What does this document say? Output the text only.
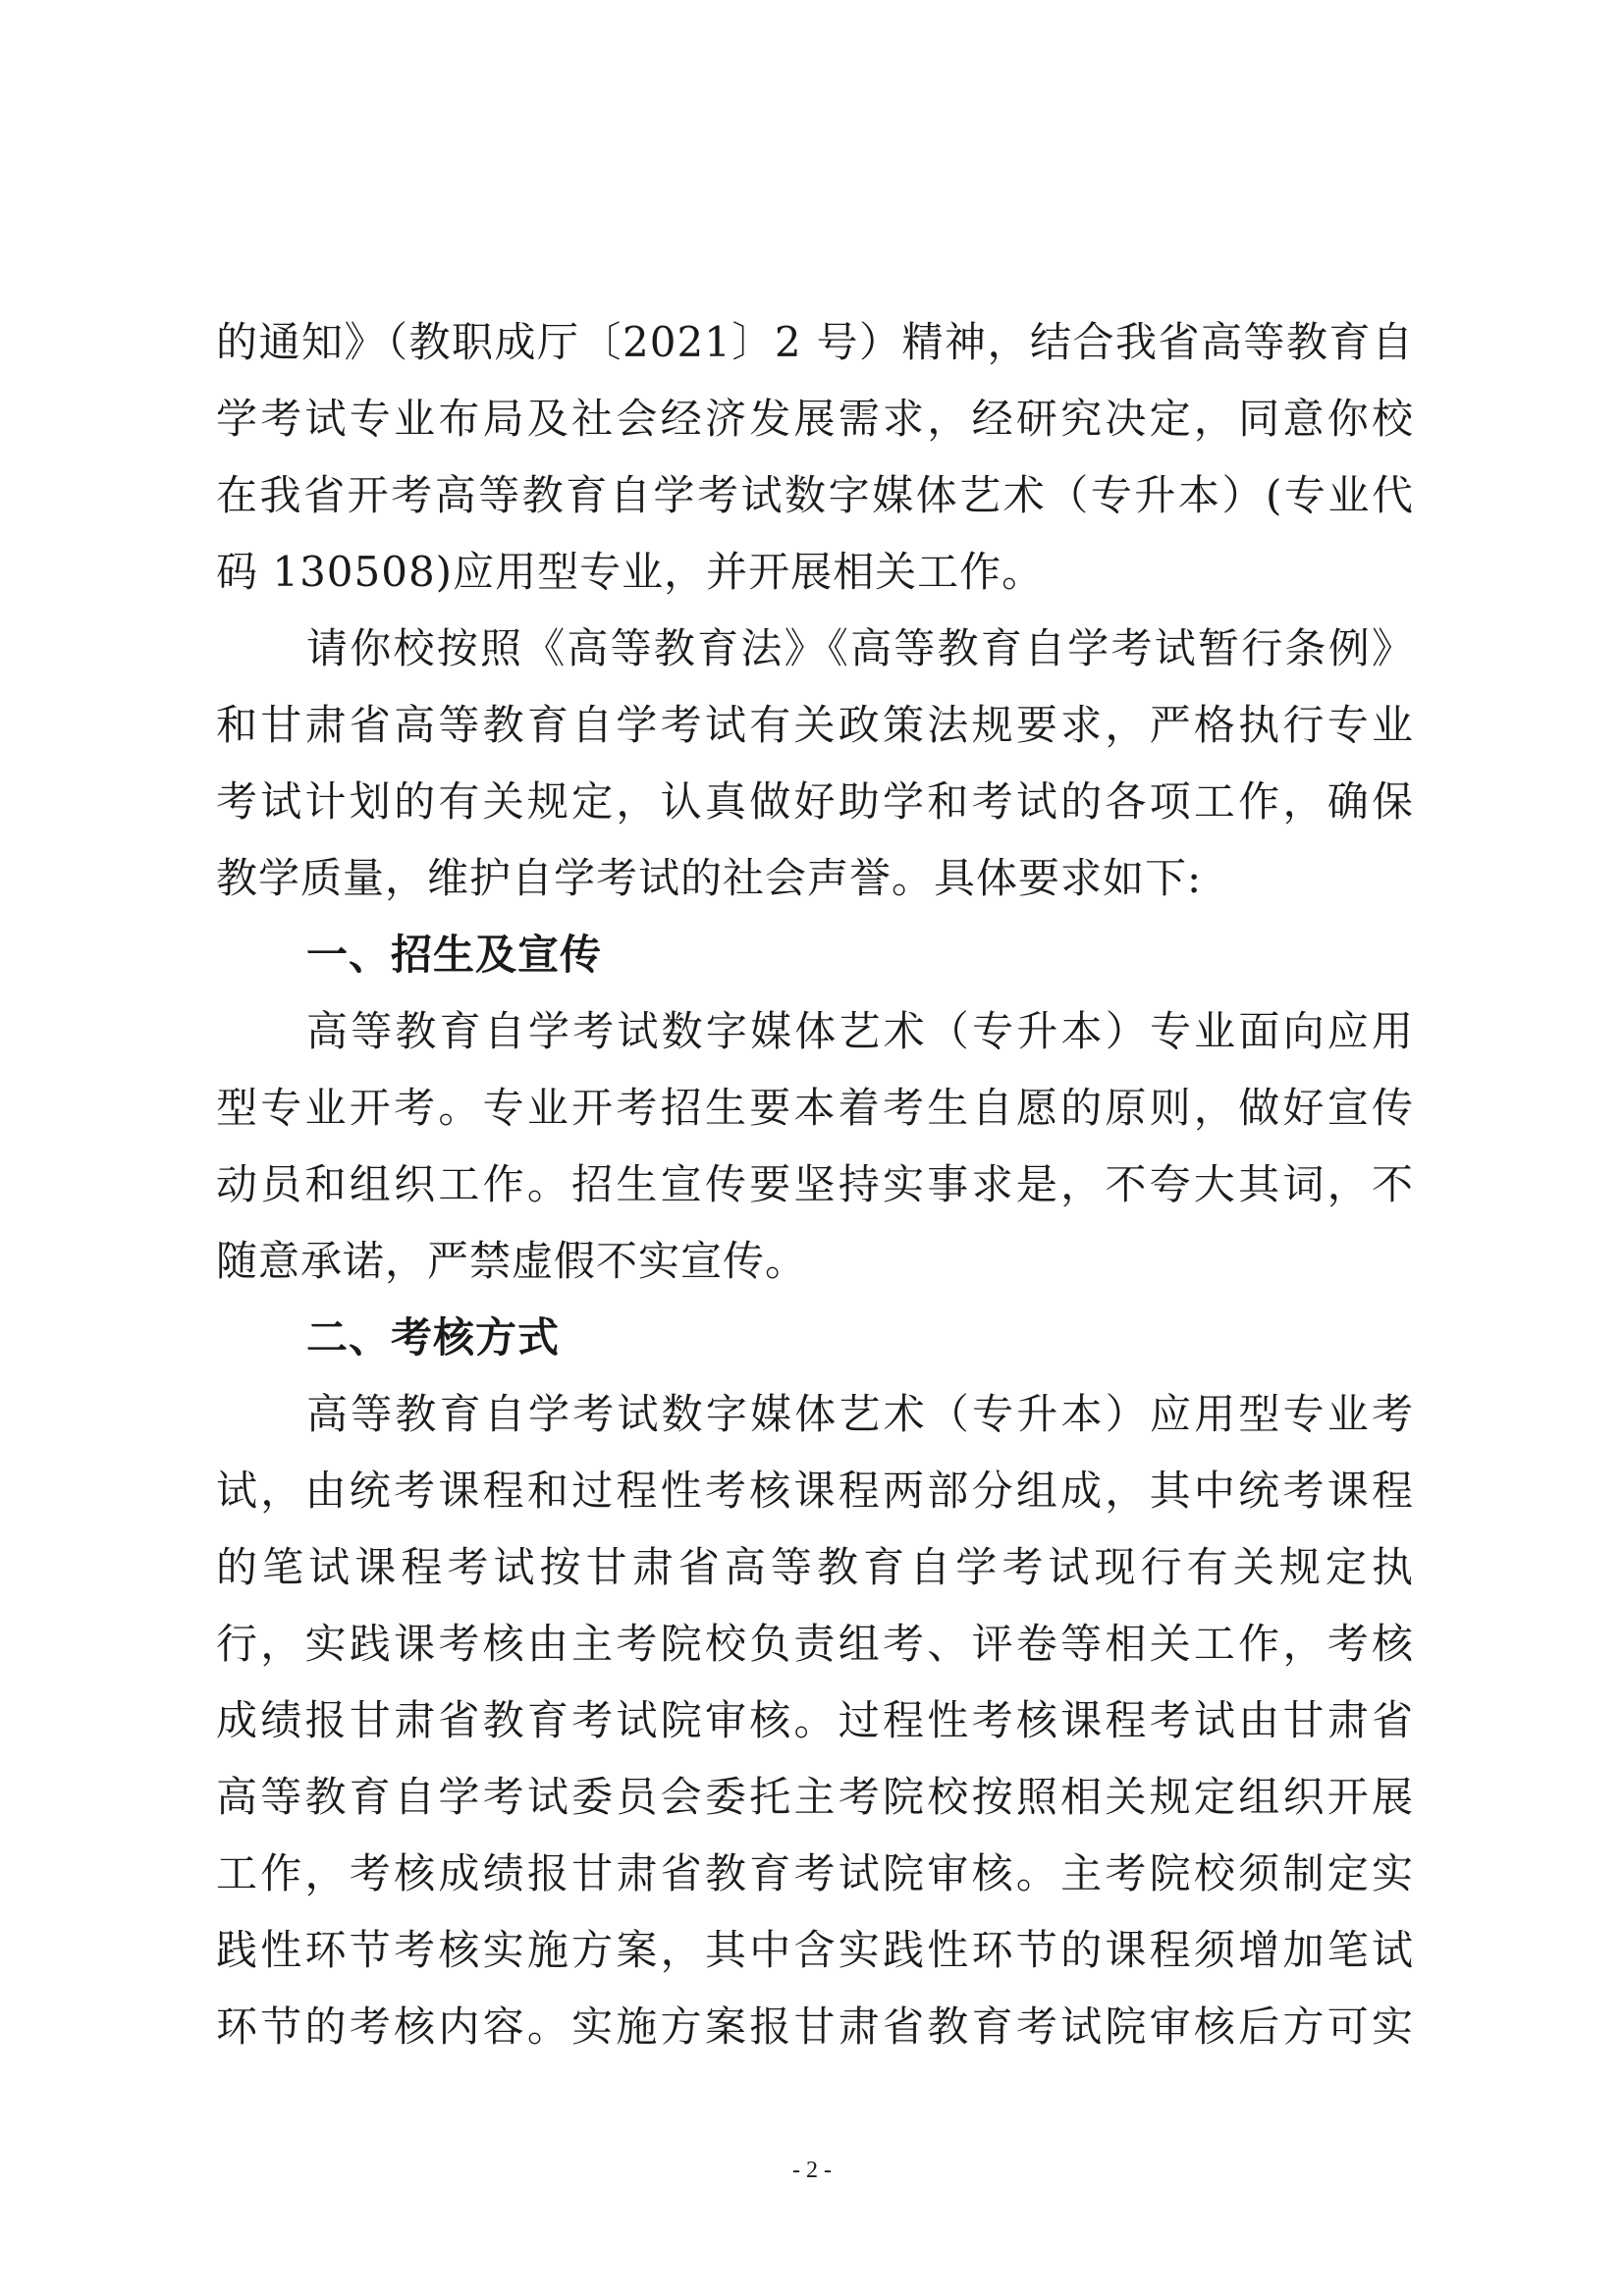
的通知》（教职成厅〔2021〕2 号）精神，结合我省高等教育自
学考试专业布局及社会经济发展需求，经研究决定，同意你校
在我省开考高等教育自学考试数字媒体艺术（专升本）(专业代
码 130508)应用型专业，并开展相关工作。
请你校按照《高等教育法》《高等教育自学考试暂行条例》
和甘肃省高等教育自学考试有关政策法规要求，严格执行专业
考试计划的有关规定，认真做好助学和考试的各项工作，确保
教学质量，维护自学考试的社会声誉。具体要求如下:
一、招生及宣传
高等教育自学考试数字媒体艺术（专升本）专业面向应用
型专业开考。专业开考招生要本着考生自愿的原则，做好宣传
动员和组织工作。招生宣传要坚持实事求是，不夸大其词，不
随意承诺，严禁虚假不实宣传。
二、考核方式
高等教育自学考试数字媒体艺术（专升本）应用型专业考
试，由统考课程和过程性考核课程两部分组成，其中统考课程
的笔试课程考试按甘肃省高等教育自学考试现行有关规定执
行，实践课考核由主考院校负责组考、评卷等相关工作，考核
成绩报甘肃省教育考试院审核。过程性考核课程考试由甘肃省
高等教育自学考试委员会委托主考院校按照相关规定组织开展
工作，考核成绩报甘肃省教育考试院审核。主考院校须制定实
践性环节考核实施方案，其中含实践性环节的课程须增加笔试
环节的考核内容。实施方案报甘肃省教育考试院审核后方可实
- 2 -
